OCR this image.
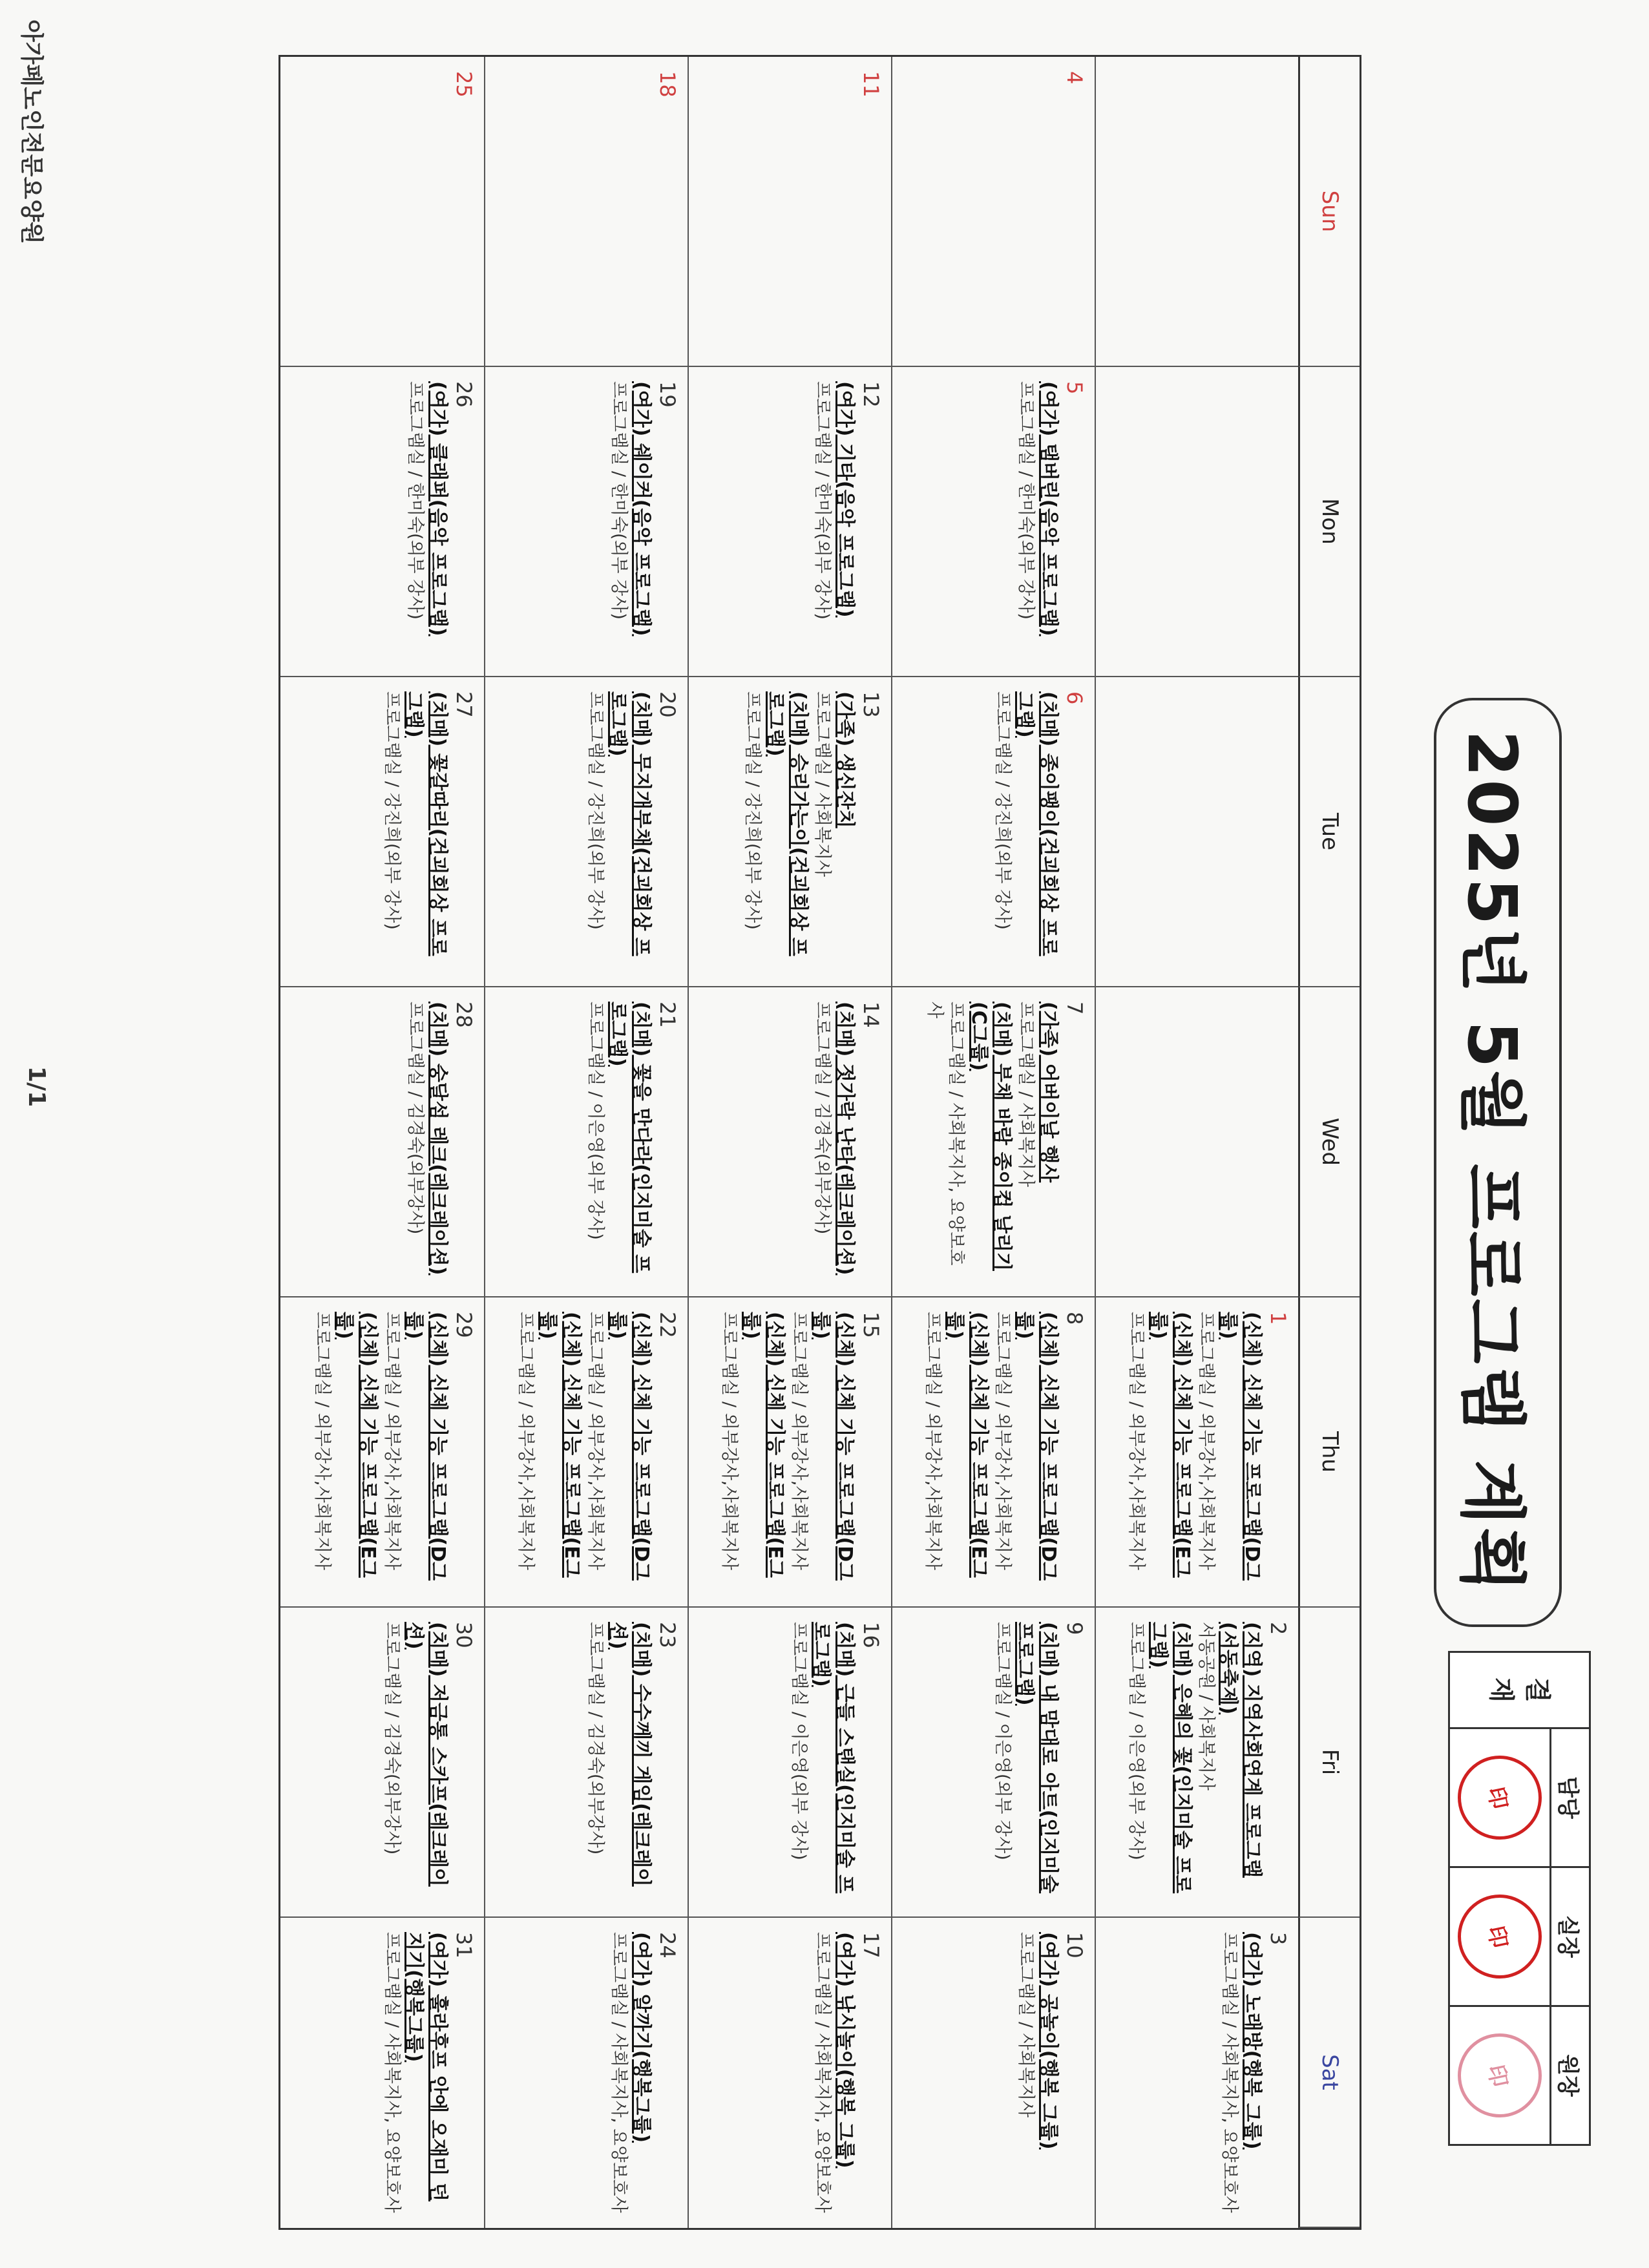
2025년 5월 프로그램 계획
결
재
담당
印
실장
印
원장
印
Sun
Mon
Tue
Wed
Thu
Fri
Sat
1
(신체) 신체 기능 프로그램(D그룹)
프로그램실 / 외부강사,사회복지사
(신체) 신체 기능 프로그램(E그룹)
프로그램실 / 외부강사,사회복지사
2
(지역) 지역사회연계 프로그램(서동축제)
서동공원 / 사회복지사
(치매) 은혜의 꽃(인지미술 프로그램)
프로그램실 / 이은영(외부 강사)
3
(여가) 노래방(행복 그룹)
프로그램실 / 사회복지사, 요양보호사
4
5
(여가) 탬버린(음악 프로그램)
프로그램실 / 한미숙(외부 강사)
6
(치매) 종이팽이(건괴회상 프로그램)
프로그램실 / 강진희(외부 강사)
7
(가족) 어버이날 행사
프로그램실 / 사회복지사
(치매) 부채 바람 종이컵 날리기(C그룹)
프로그램실 / 사회복지사, 요양보호사
8
(신체) 신체 기능 프로그램(D그룹)
프로그램실 / 외부강사,사회복지사
(신체) 신체 기능 프로그램(E그룹)
프로그램실 / 외부강사,사회복지사
9
(치매) 내 맘대로 아트(인지미술 프로그램)
프로그램실 / 이은영(외부 강사)
10
(여가) 공놀이(행복 그룹)
프로그램실 / 사회복지사
11
12
(여가) 기타(음악 프로그램)
프로그램실 / 한미숙(외부 강사)
13
(가족) 생신잔치
프로그램실 / 사회복지사
(치매) 승리가는이(건괴회상 프로그램)
프로그램실 / 강진희(외부 강사)
14
(치매) 젓가락 난타(레크레이션)
프로그램실 / 김경숙(외부강사)
15
(신체) 신체 기능 프로그램(D그룹)
프로그램실 / 외부강사,사회복지사
(신체) 신체 기능 프로그램(E그룹)
프로그램실 / 외부강사,사회복지사
16
(치매) 근들 스탠실(인지미술 프로그램)
프로그램실 / 이은영(외부 강사)
17
(여가) 낚시놀이(행복 그룹)
프로그램실 / 사회복지사, 요양보호사
18
19
(여가) 쉐이커(음악 프로그램)
프로그램실 / 한미숙(외부 강사)
20
(치매) 무지개부채(건괴회상 프로그램)
프로그램실 / 강진희(외부 강사)
21
(치매) 꽃을 만다라(인지미술 프로그램)
프로그램실 / 이은영(외부 강사)
22
(신체) 신체 기능 프로그램(D그룹)
프로그램실 / 외부강사,사회복지사
(신체) 신체 기능 프로그램(E그룹)
프로그램실 / 외부강사,사회복지사
23
(치매) 수수께끼 게임(레크레이션)
프로그램실 / 김경숙(외부강사)
24
(여가) 알까기(행복그룹)
프로그램실 / 사회복지사, 요양보호사
25
26
(여가) 클래퍼(음악 프로그램)
프로그램실 / 한미숙(외부 강사)
27
(치매) 꽃갈따리(건괴회상 프로그램)
프로그램실 / 강진희(외부 강사)
28
(치매) 숭달섬 레크(레크레이션)
프로그램실 / 김경숙(외부강사)
29
(신체) 신체 기능 프로그램(D그룹)
프로그램실 / 외부강사,사회복지사
(신체) 신체 기능 프로그램(E그룹)
프로그램실 / 외부강사,사회복지사
30
(치매) 저금통 스카프(레크레이션)
프로그램실 / 김경숙(외부강사)
31
(여가) 훌라후프 안에 오재미 던지기(행복그룹)
프로그램실 / 사회복지사, 요양보호사
아가페노인전문요양원
1/1
